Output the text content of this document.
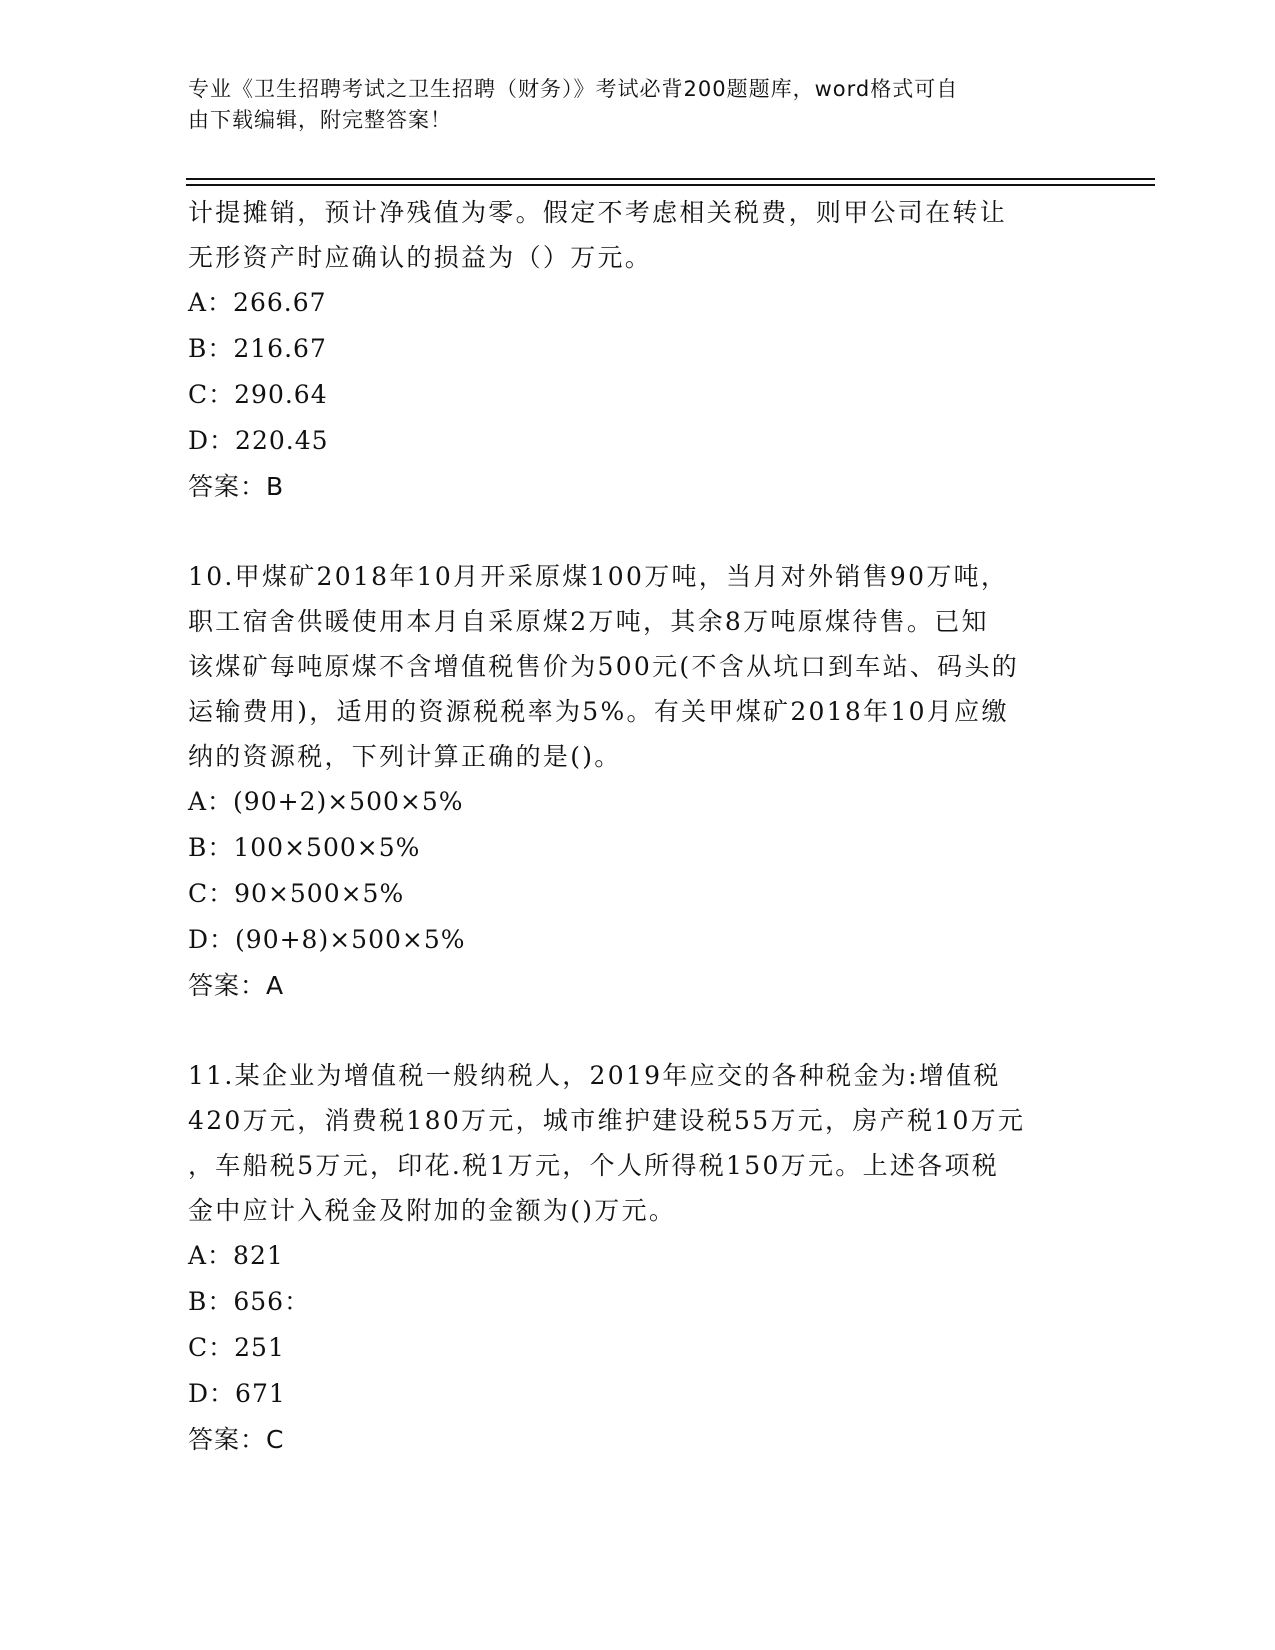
专业《卫生招聘考试之卫生招聘（财务）》考试必背200题题库，word格式可自
由下载编辑，附完整答案！

计提摊销，预计净残值为零。假定不考虑相关税费，则甲公司在转让

无形资产时应确认的损益为（）万元。

A：266.67

B：216.67

C：290.64

D：220.45

答案：B

10.甲煤矿2018年10月开采原煤100万吨，当月对外销售90万吨，

职工宿舍供暖使用本月自采原煤2万吨，其余8万吨原煤待售。已知

该煤矿每吨原煤不含增值税售价为500元(不含从坑口到车站、码头的

运输费用)，适用的资源税税率为5%。有关甲煤矿2018年10月应缴

纳的资源税，下列计算正确的是()。

A：(90+2)×500×5%

B：100×500×5%

C：90×500×5%

D：(90+8)×500×5%

答案：A

11.某企业为增值税一般纳税人，2019年应交的各种税金为:增值税

420万元，消费税180万元，城市维护建设税55万元，房产税10万元

，车船税5万元，印花.税1万元，个人所得税150万元。上述各项税

金中应计入税金及附加的金额为()万元。

A：821

B：656：

C：251

D：671

答案：C
